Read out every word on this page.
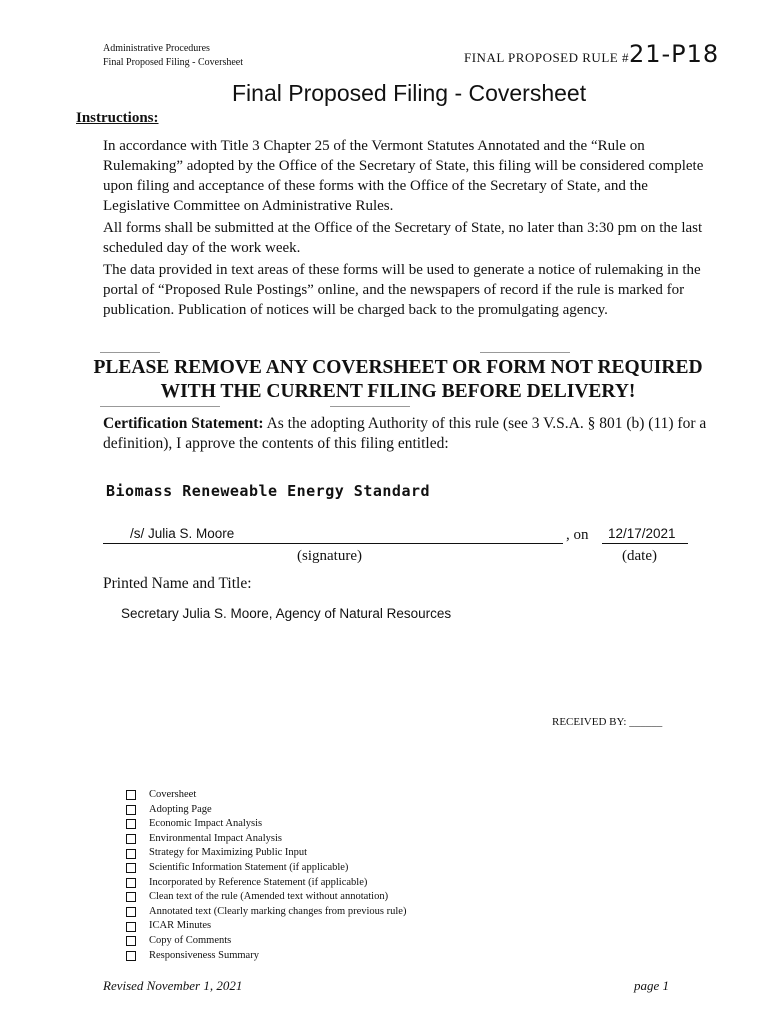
Administrative Procedures
Final Proposed Filing - Coversheet	FINAL PROPOSED RULE #21-P18
Final Proposed Filing - Coversheet
Instructions:

In accordance with Title 3 Chapter 25 of the Vermont Statutes Annotated and the “Rule on Rulemaking” adopted by the Office of the Secretary of State, this filing will be considered complete upon filing and acceptance of these forms with the Office of the Secretary of State, and the Legislative Committee on Administrative Rules.

All forms shall be submitted at the Office of the Secretary of State, no later than 3:30 pm on the last scheduled day of the work week.

The data provided in text areas of these forms will be used to generate a notice of rulemaking in the portal of “Proposed Rule Postings” online, and the newspapers of record if the rule is marked for publication. Publication of notices will be charged back to the promulgating agency.

PLEASE REMOVE ANY COVERSHEET OR FORM NOT REQUIRED WITH THE CURRENT FILING BEFORE DELIVERY!
Certification Statement: As the adopting Authority of this rule (see 3 V.S.A. § 801 (b) (11) for a definition), I approve the contents of this filing entitled:
Biomass Reneweable Energy Standard
/s/ Julia S. Moore
(signature)
, on 12/17/2021
(date)
Printed Name and Title:
Secretary Julia S. Moore, Agency of Natural Resources
RECEIVED BY: ______
Coversheet
Adopting Page
Economic Impact Analysis
Environmental Impact Analysis
Strategy for Maximizing Public Input
Scientific Information Statement (if applicable)
Incorporated by Reference Statement (if applicable)
Clean text of the rule (Amended text without annotation)
Annotated text (Clearly marking changes from previous rule)
ICAR Minutes
Copy of Comments
Responsiveness Summary
Revised November 1, 2021	page 1
